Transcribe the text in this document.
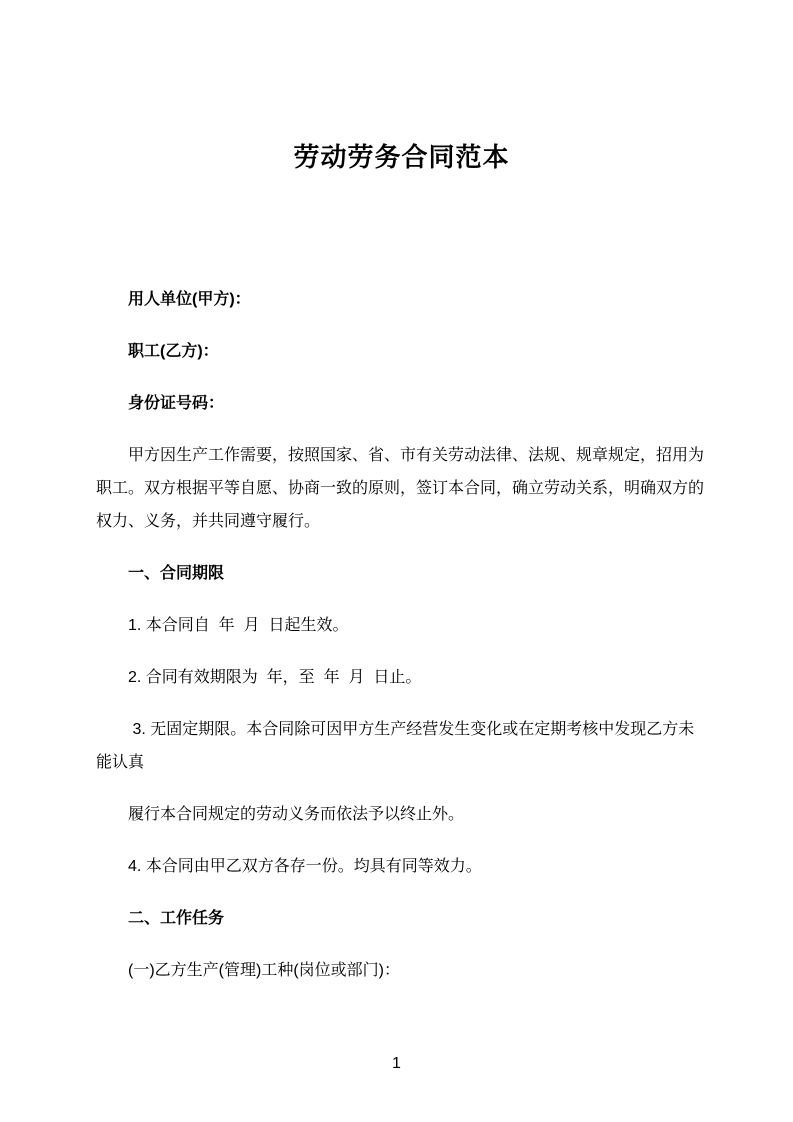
劳动劳务合同范本

用人单位(甲方)：

职工(乙方)：

身份证号码：

甲方因生产工作需要，按照国家、省、市有关劳动法律、法规、规章规定，招用为职工。双方根据平等自愿、协商一致的原则，签订本合同，确立劳动关系，明确双方的权力、义务，并共同遵守履行。

一、合同期限

1. 本合同自  年  月  日起生效。

2. 合同有效期限为  年，至  年  月  日止。

3. 无固定期限。本合同除可因甲方生产经营发生变化或在定期考核中发现乙方未
能认真

履行本合同规定的劳动义务而依法予以终止外。

4. 本合同由甲乙双方各存一份。均具有同等效力。

二、工作任务

(一)乙方生产(管理)工种(岗位或部门)：

1
